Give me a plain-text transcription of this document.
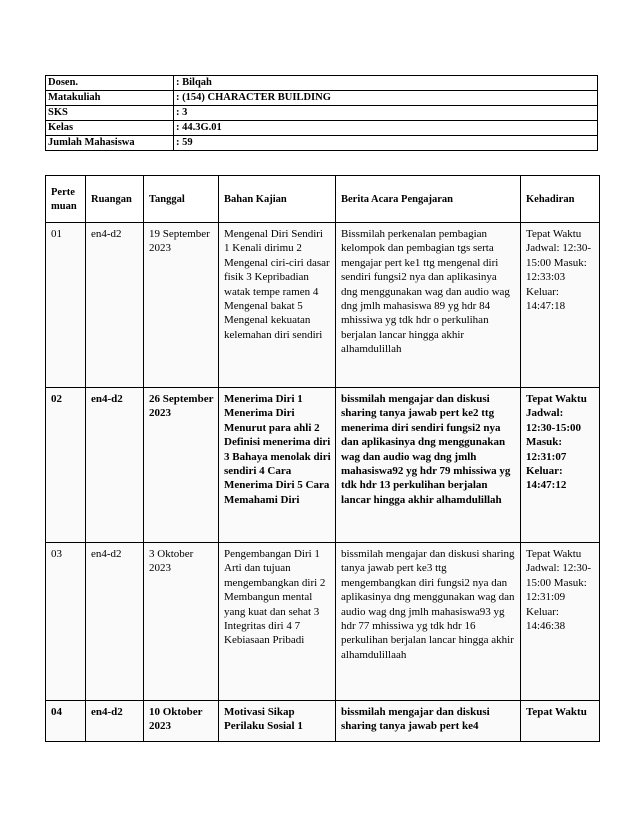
Dosen.	: Bilqah
Matakuliah	: (154) CHARACTER BUILDING
SKS	: 3
Kelas	: 44.3G.01
Jumlah Mahasiswa	: 59
Perte muan	Ruangan	Tanggal	Bahan Kajian	Berita Acara Pengajaran	Kehadiran
01	en4-d2	19 September 2023	Mengenal Diri Sendiri 1 Kenali dirimu 2 Mengenal ciri-ciri dasar fisik 3 Kepribadian watak tempe ramen 4 Mengenal bakat 5 Mengenal kekuatan kelemahan diri sendiri	Bissmilah perkenalan pembagian kelompok dan pembagian tgs serta mengajar pert ke1 ttg mengenal diri sendiri fungsi2 nya dan aplikasinya dng menggunakan wag dan audio wag dng jmlh mahasiswa 89 yg hdr 84 mhissiwa yg tdk hdr o perkulihan berjalan lancar hingga akhir alhamdulillah	Tepat Waktu Jadwal: 12:30-15:00 Masuk: 12:33:03 Keluar: 14:47:18
02	en4-d2	26 September 2023	Menerima Diri 1 Menerima Diri Menurut para ahli 2 Definisi menerima diri 3 Bahaya menolak diri sendiri 4 Cara Menerima Diri 5 Cara Memahami Diri	bissmilah mengajar dan diskusi sharing tanya jawab pert ke2 ttg menerima diri sendiri fungsi2 nya dan aplikasinya dng menggunakan wag dan audio wag dng jmlh mahasiswa92 yg hdr 79 mhissiwa yg tdk hdr 13 perkulihan berjalan lancar hingga akhir alhamdulillah	Tepat Waktu Jadwal: 12:30-15:00 Masuk: 12:31:07 Keluar: 14:47:12
03	en4-d2	3 Oktober 2023	Pengembangan Diri 1 Arti dan tujuan mengembangkan diri 2 Membangun mental yang kuat dan sehat 3 Integritas diri 4 7 Kebiasaan Pribadi	bissmilah mengajar dan diskusi sharing tanya jawab pert ke3 ttg mengembangkan diri fungsi2 nya dan aplikasinya dng menggunakan wag dan audio wag dng jmlh mahasiswa93 yg hdr 77 mhissiwa yg tdk hdr 16 perkulihan berjalan lancar hingga akhir alhamdulillaah	Tepat Waktu Jadwal: 12:30-15:00 Masuk: 12:31:09 Keluar: 14:46:38
04	en4-d2	10 Oktober 2023	Motivasi Sikap Perilaku Sosial 1	bissmilah mengajar dan diskusi sharing tanya jawab pert ke4	Tepat Waktu
